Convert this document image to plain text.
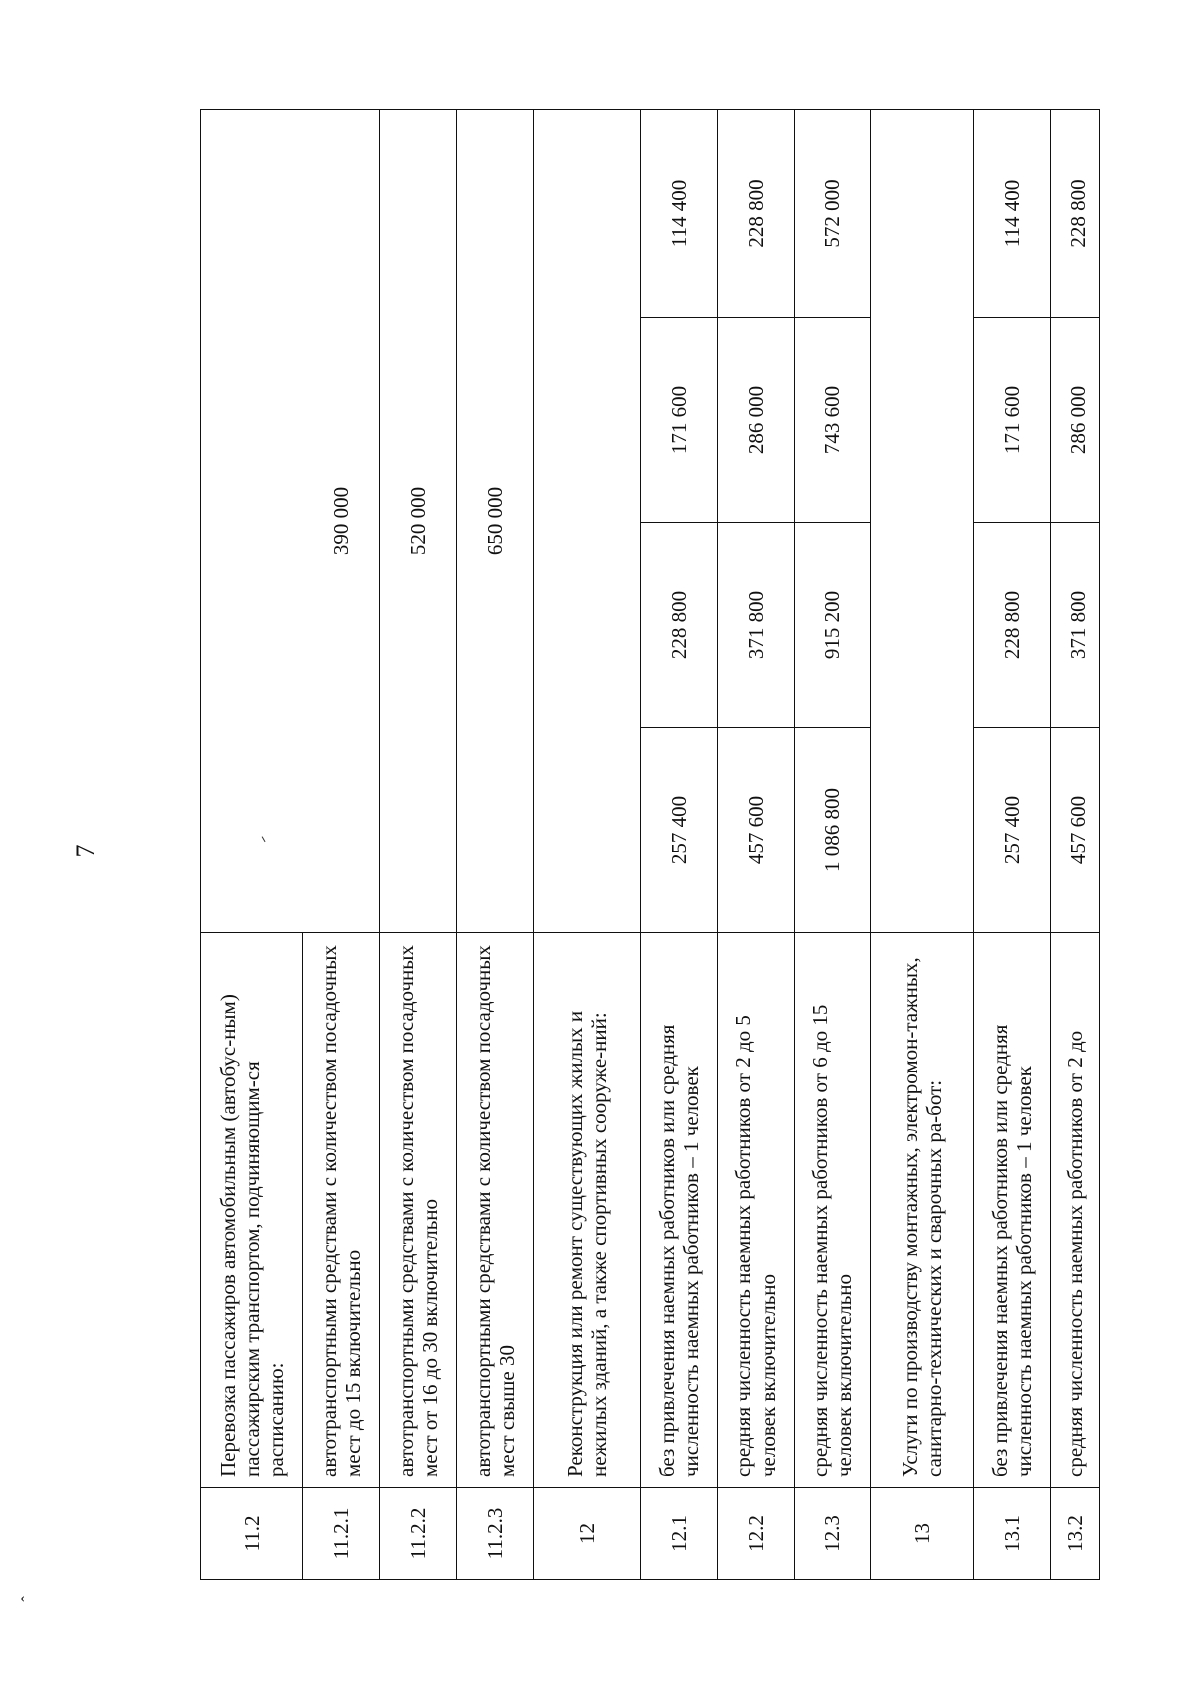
7
ˆ
11.2	Перевозка пассажиров автомобильным (автобус-ным) пассажирским транспортом, подчиняющим-ся расписанию:				
11.2.1	автотранспортными средствами с количеством посадочных мест до 15 включительно	390 000			
11.2.2	автотранспортными средствами с количеством посадочных мест от 16 до 30 включительно	520 000			
11.2.3	автотранспортными средствами с количеством посадочных мест свыше 30	650 000			
12	Реконструкция или ремонт существующих жилых и нежилых зданий, а также спортивных сооруже-ний:				
12.1	без привлечения наемных работников или средняя численность наемных работников – 1 человек	257 400	228 800	171 600	114 400
12.2	средняя численность наемных работников от 2 до 5 человек включительно	457 600	371 800	286 000	228 800
12.3	средняя численность наемных работников от 6 до 15 человек включительно	1 086 800	915 200	743 600	572 000
13	Услуги по производству монтажных, электромон-тажных, санитарно-технических и сварочных ра-бот:				
13.1	без привлечения наемных работников или средняя численность наемных работников – 1 человек	257 400	228 800	171 600	114 400
13.2	средняя численность наемных работников от 2 до	457 600	371 800	286 000	228 800
